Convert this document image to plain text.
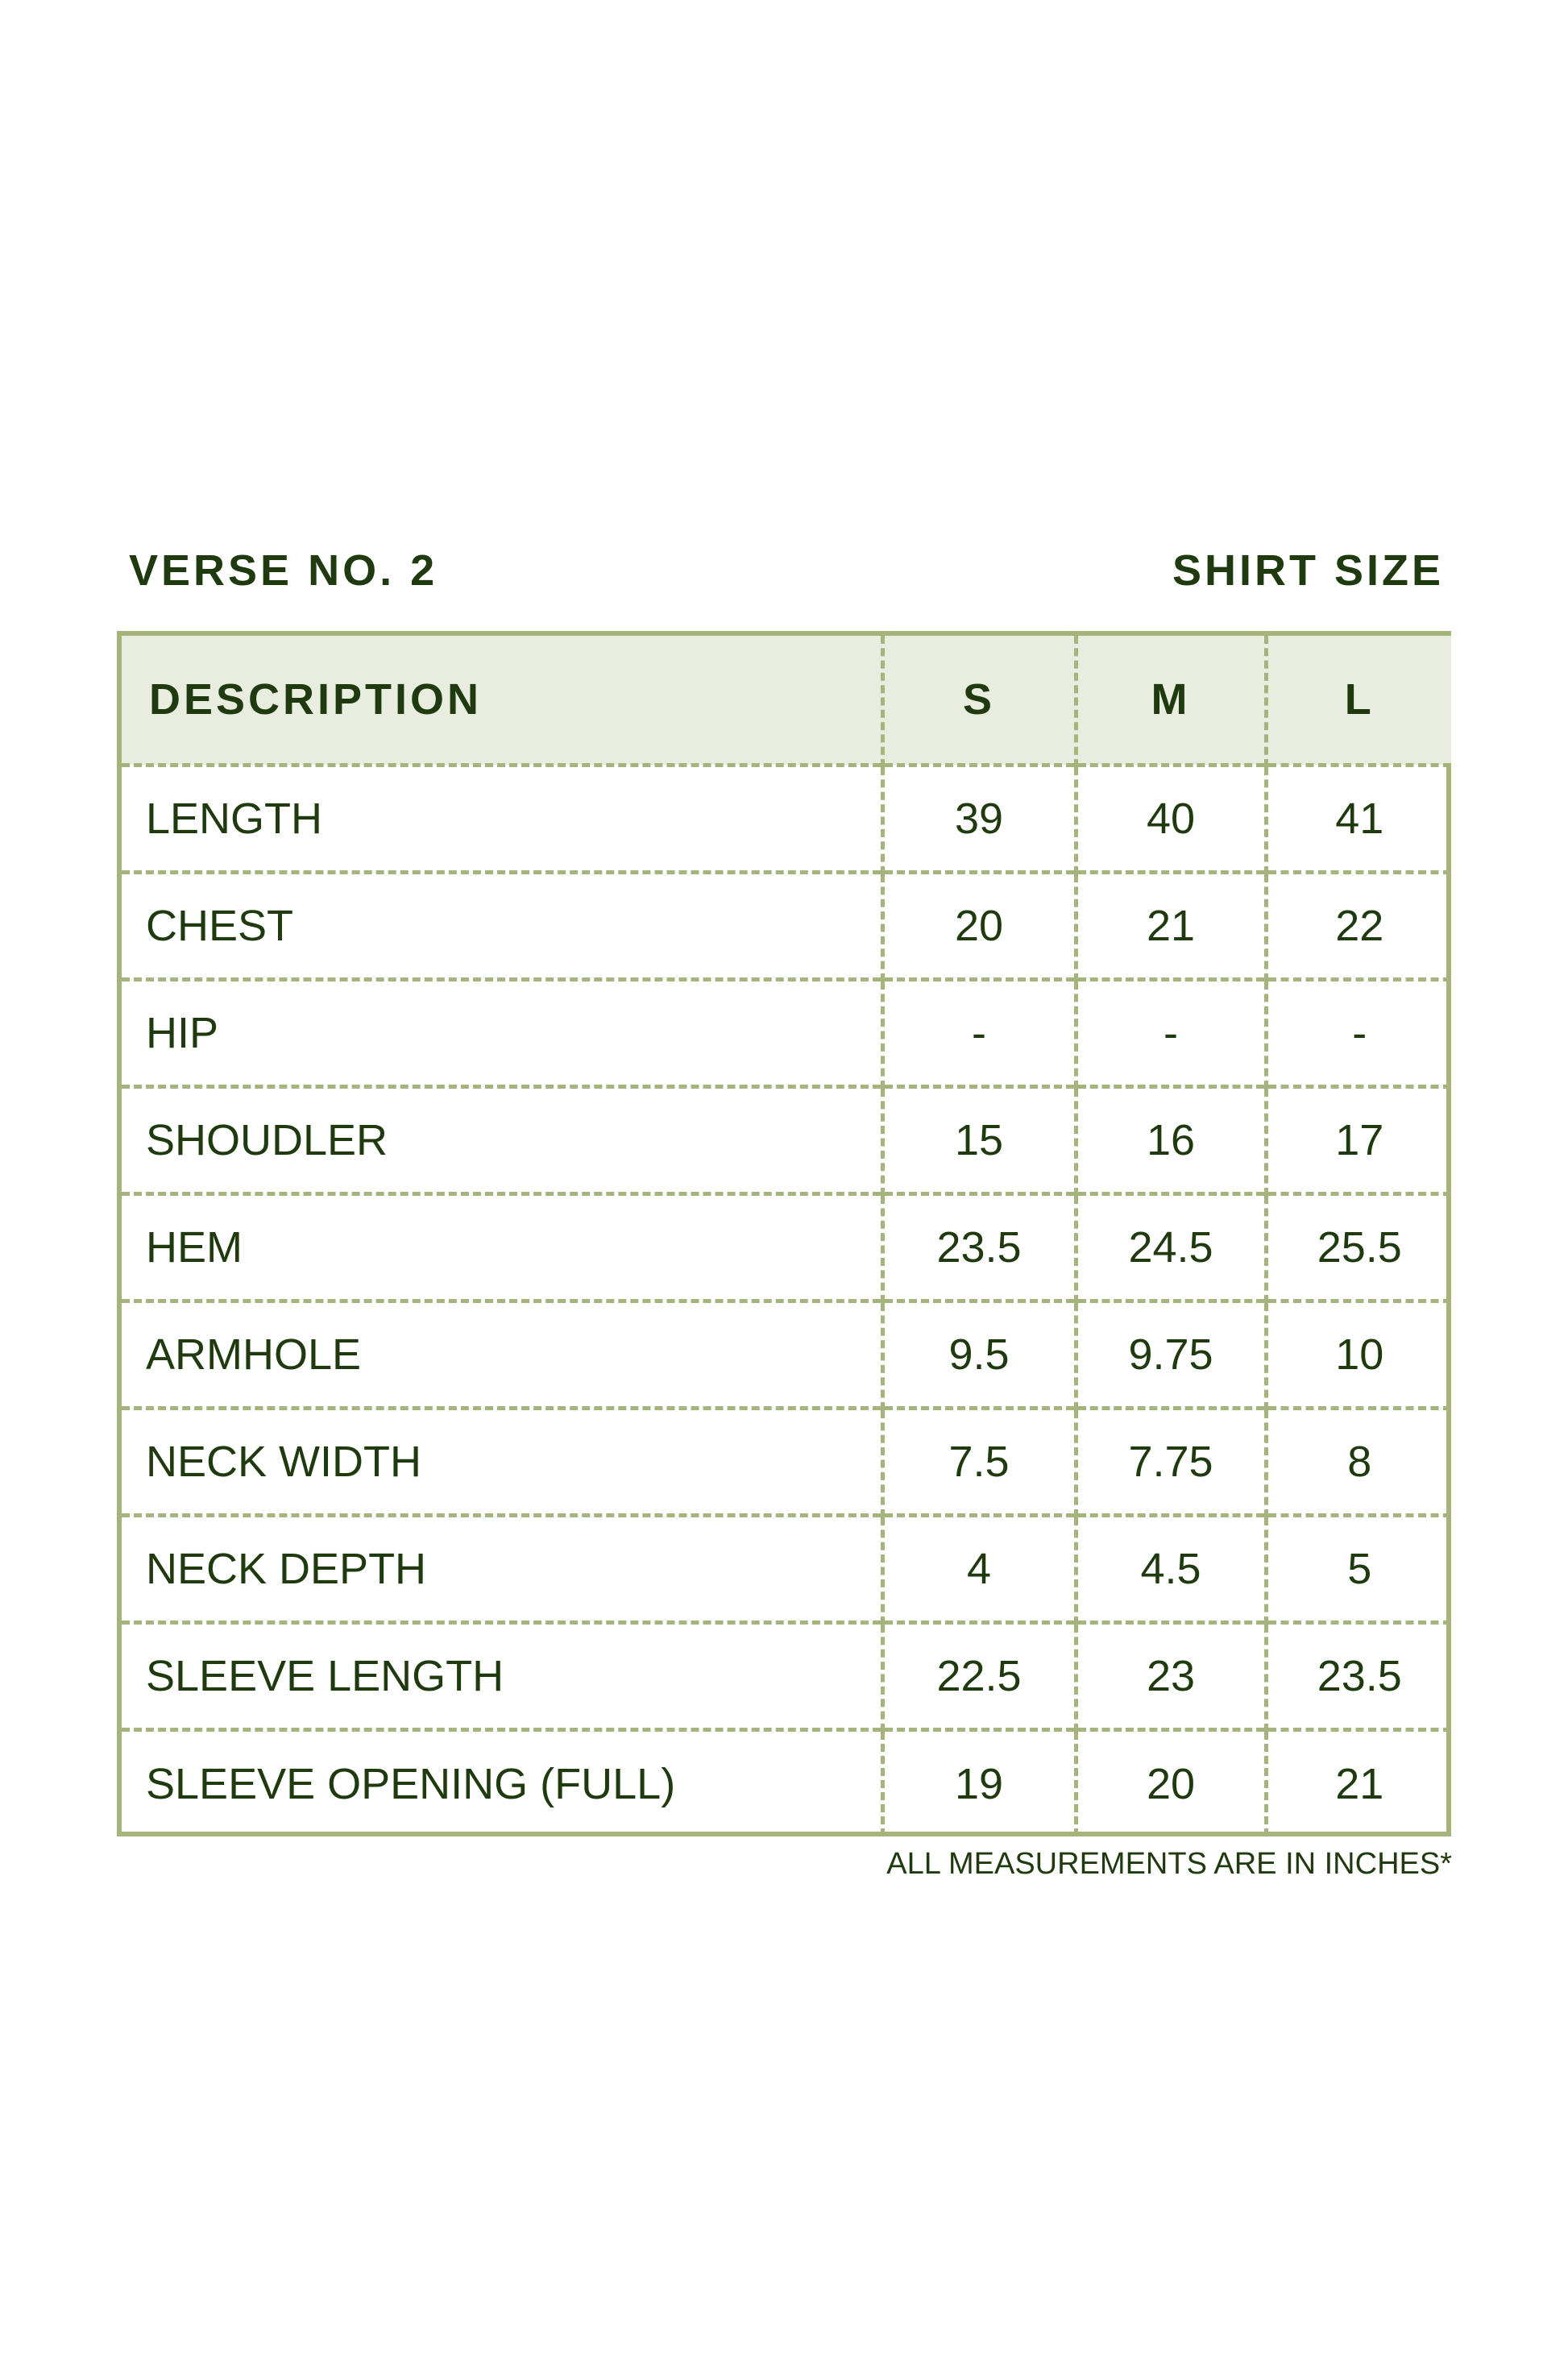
VERSE NO. 2	SHIRT SIZE
DESCRIPTION	S	M	L
LENGTH	39	40	41
CHEST	20	21	22
HIP	-	-	-
SHOUDLER	15	16	17
HEM	23.5	24.5	25.5
ARMHOLE	9.5	9.75	10
NECK WIDTH	7.5	7.75	8
NECK DEPTH	4	4.5	5
SLEEVE LENGTH	22.5	23	23.5
SLEEVE OPENING (FULL)	19	20	21
ALL MEASUREMENTS ARE IN INCHES*
